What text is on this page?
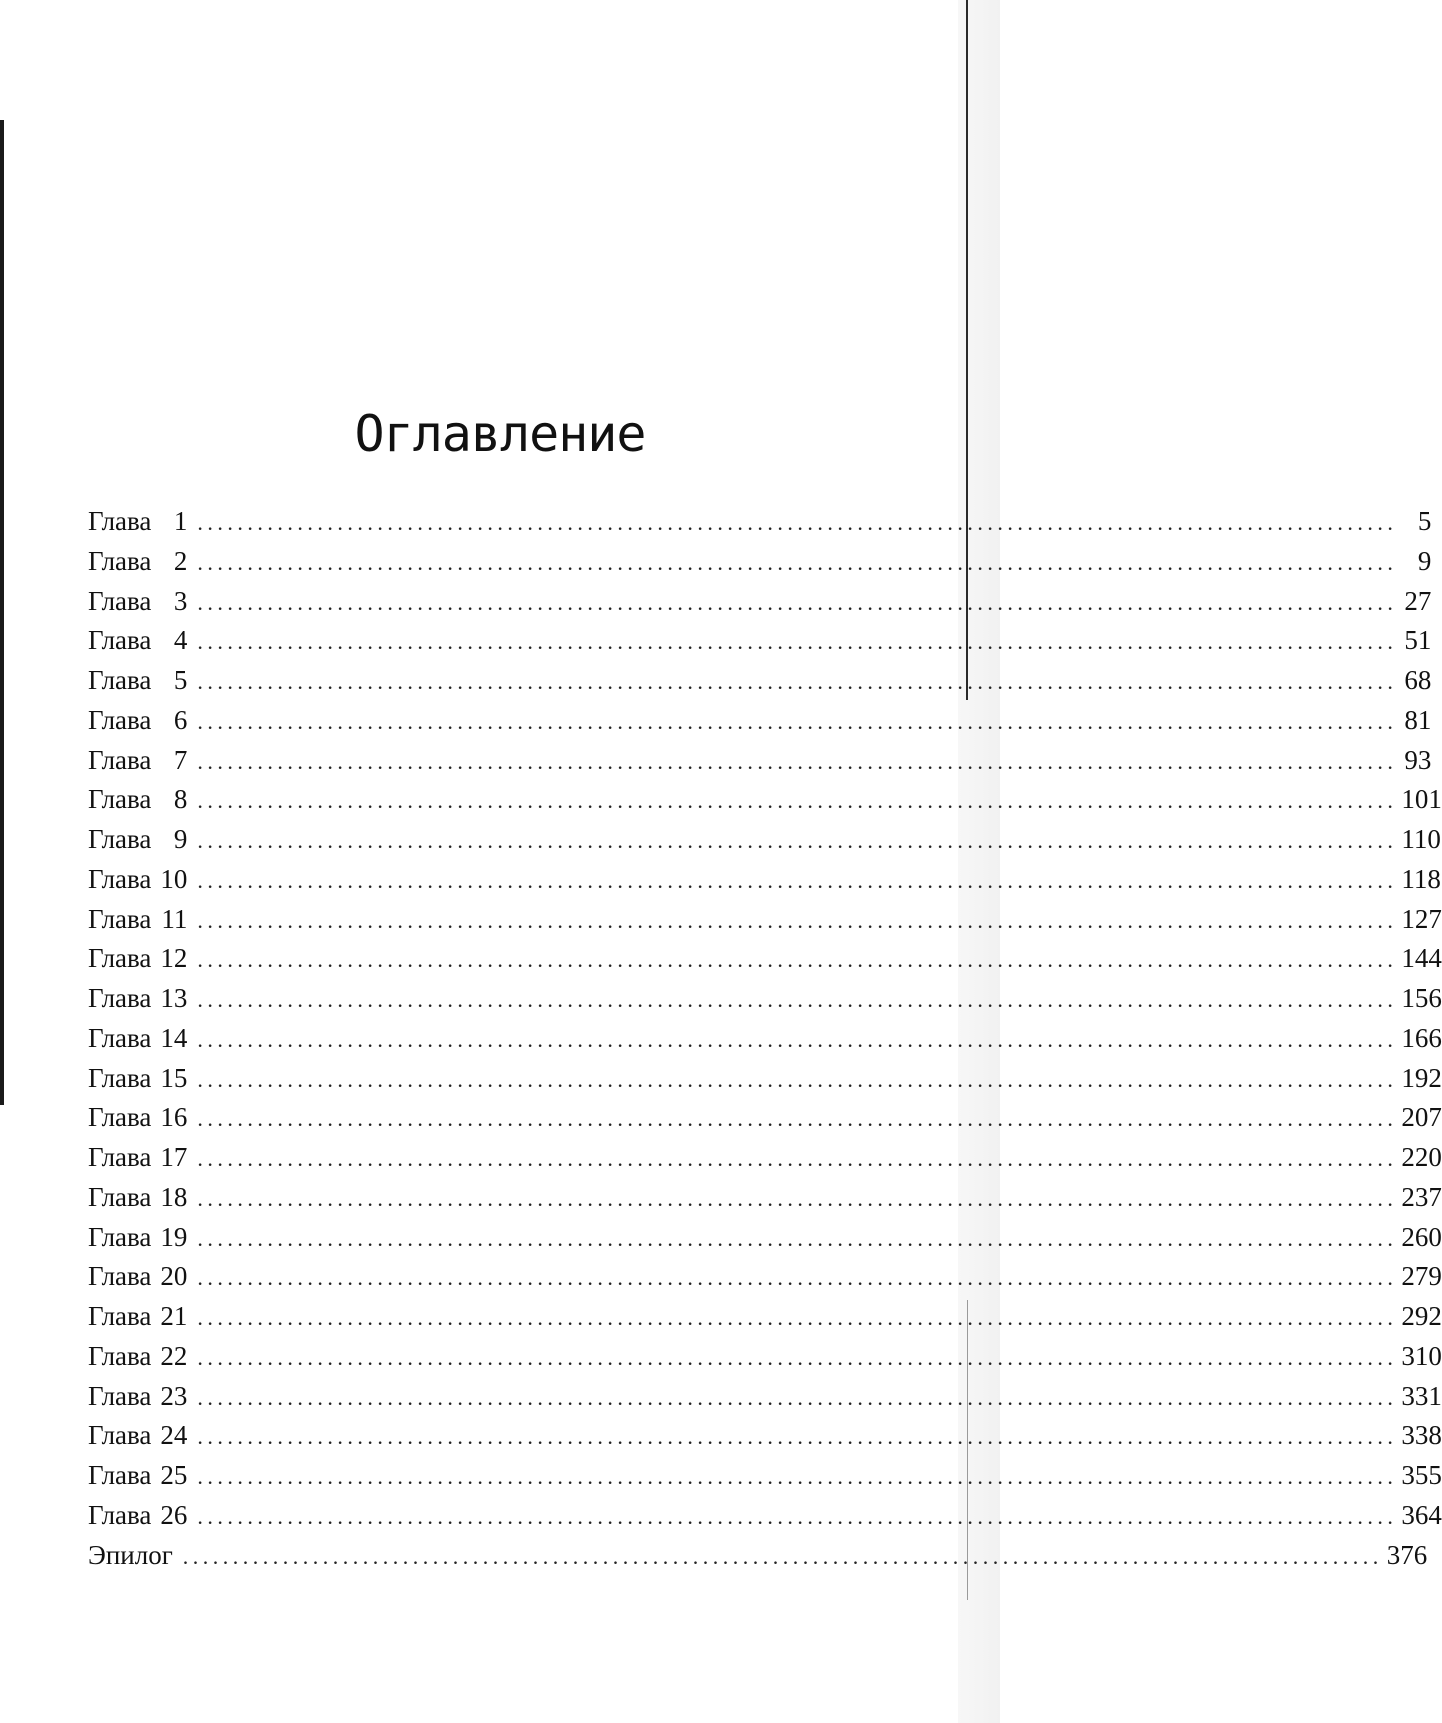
Оглавление
Глава 1 ........................................................................................................................ 5
Глава 2 ........................................................................................................................ 9
Глава 3 ........................................................................................................................ 27
Глава 4 ........................................................................................................................ 51
Глава 5 ........................................................................................................................ 68
Глава 6 ........................................................................................................................ 81
Глава 7 ........................................................................................................................ 93
Глава 8 ........................................................................................................................ 101
Глава 9 ........................................................................................................................ 110
Глава 10 ........................................................................................................................ 118
Глава 11 ........................................................................................................................ 127
Глава 12 ........................................................................................................................ 144
Глава 13 ........................................................................................................................ 156
Глава 14 ........................................................................................................................ 166
Глава 15 ........................................................................................................................ 192
Глава 16 ........................................................................................................................ 207
Глава 17 ........................................................................................................................ 220
Глава 18 ........................................................................................................................ 237
Глава 19 ........................................................................................................................ 260
Глава 20 ........................................................................................................................ 279
Глава 21 ........................................................................................................................ 292
Глава 22 ........................................................................................................................ 310
Глава 23 ........................................................................................................................ 331
Глава 24 ........................................................................................................................ 338
Глава 25 ........................................................................................................................ 355
Глава 26 ........................................................................................................................ 364
Эпилог ........................................................................................................................ 376
